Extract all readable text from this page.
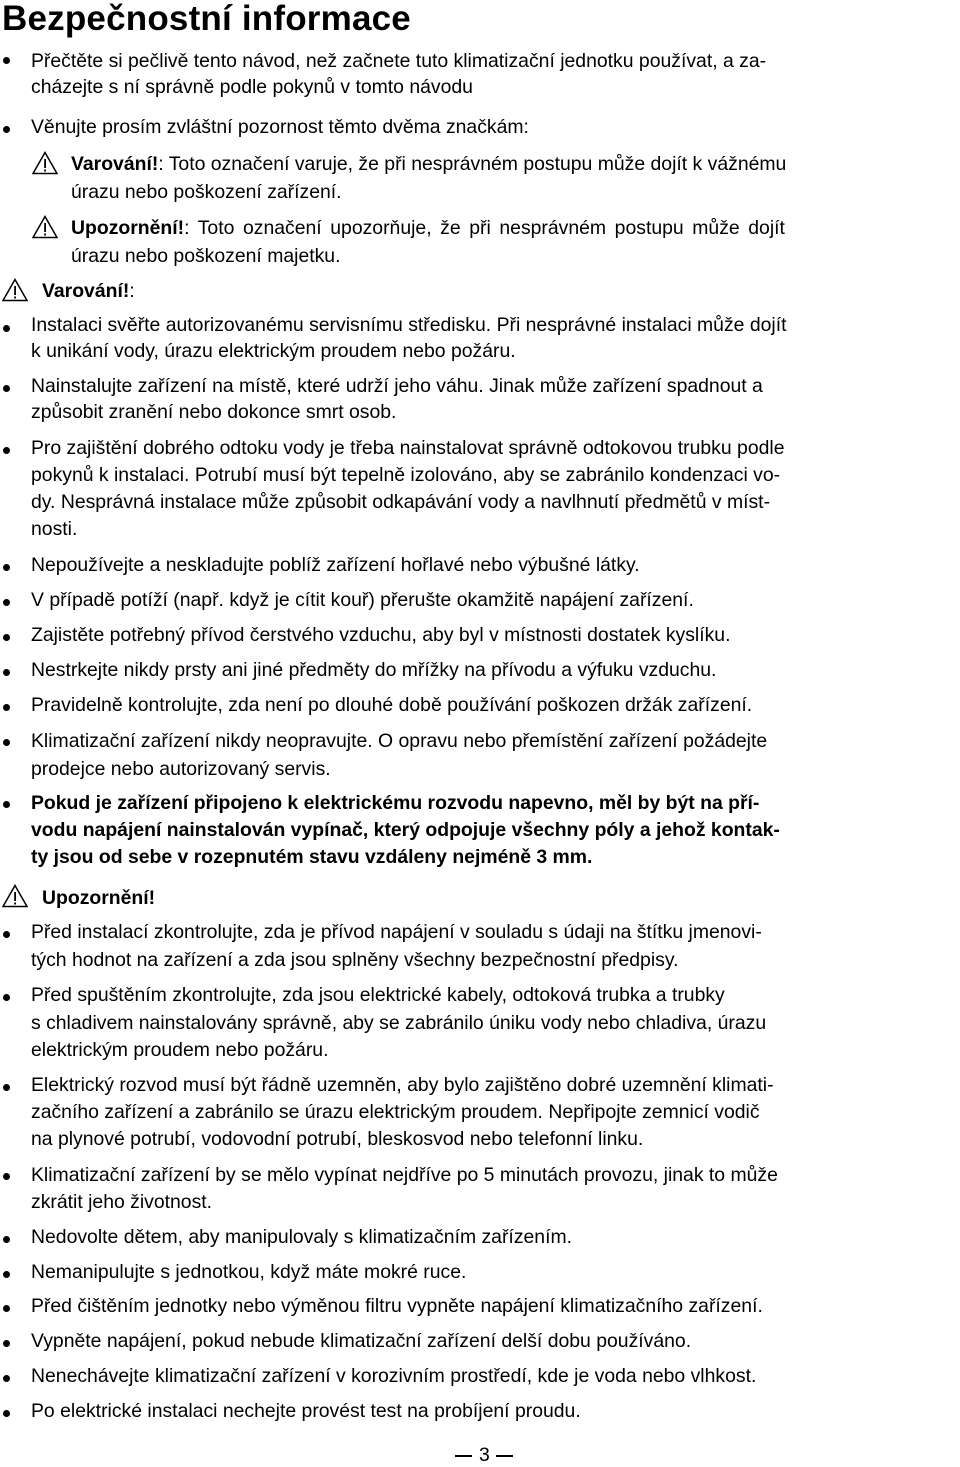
Bezpečnostní informace
Přečtěte si pečlivě tento návod, než začnete tuto klimatizační jednotku používat, a za-
cházejte s ní správně podle pokynů v tomto návodu
Věnujte prosím zvláštní pozornost těmto dvěma značkám:
Varování!: Toto označení varuje, že při nesprávném postupu může dojít k vážnému
úrazu nebo poškození zařízení.
Upozornění!: Toto označení upozorňuje, že při nesprávném postupu může dojít
úrazu nebo poškození majetku.
Varování!:
Instalaci svěřte autorizovanému servisnímu středisku. Při nesprávné instalaci může dojít
k unikání vody, úrazu elektrickým proudem nebo požáru.
Nainstalujte zařízení na místě, které udrží jeho váhu. Jinak může zařízení spadnout a
způsobit zranění nebo dokonce smrt osob.
Pro zajištění dobrého odtoku vody je třeba nainstalovat správně odtokovou trubku podle
pokynů k instalaci. Potrubí musí být tepelně izolováno, aby se zabránilo kondenzaci vo-
dy. Nesprávná instalace může způsobit odkapávání vody a navlhnutí předmětů v míst-
nosti.
Nepoužívejte a neskladujte poblíž zařízení hořlavé nebo výbušné látky.
V případě potíží (např. když je cítit kouř) přerušte okamžitě napájení zařízení.
Zajistěte potřebný přívod čerstvého vzduchu, aby byl v místnosti dostatek kyslíku.
Nestrkejte nikdy prsty ani jiné předměty do mřížky na přívodu a výfuku vzduchu.
Pravidelně kontrolujte, zda není po dlouhé době používání poškozen držák zařízení.
Klimatizační zařízení nikdy neopravujte. O opravu nebo přemístění zařízení požádejte
prodejce nebo autorizovaný servis.
Pokud je zařízení připojeno k elektrickému rozvodu napevno, měl by být na pří-
vodu napájení nainstalován vypínač, který odpojuje všechny póly a jehož kontak-
ty jsou od sebe v rozepnutém stavu vzdáleny nejméně 3 mm.
Upozornění!
Před instalací zkontrolujte, zda je přívod napájení v souladu s údaji na štítku jmenovi-
tých hodnot na zařízení a zda jsou splněny všechny bezpečnostní předpisy.
Před spuštěním zkontrolujte, zda jsou elektrické kabely, odtoková trubka a trubky
s chladivem nainstalovány správně, aby se zabránilo úniku vody nebo chladiva, úrazu
elektrickým proudem nebo požáru.
Elektrický rozvod musí být řádně uzemněn, aby bylo zajištěno dobré uzemnění klimati-
začního zařízení a zabránilo se úrazu elektrickým proudem. Nepřipojte zemnicí vodič
na plynové potrubí, vodovodní potrubí, bleskosvod nebo telefonní linku.
Klimatizační zařízení by se mělo vypínat nejdříve po 5 minutách provozu, jinak to může
zkrátit jeho životnost.
Nedovolte dětem, aby manipulovaly s klimatizačním zařízením.
Nemanipulujte s jednotkou, když máte mokré ruce.
Před čištěním jednotky nebo výměnou filtru vypněte napájení klimatizačního zařízení.
Vypněte napájení, pokud nebude klimatizační zařízení delší dobu používáno.
Nenechávejte klimatizační zařízení v korozivním prostředí, kde je voda nebo vlhkost.
Po elektrické instalaci nechejte provést test na probíjení proudu.
3
